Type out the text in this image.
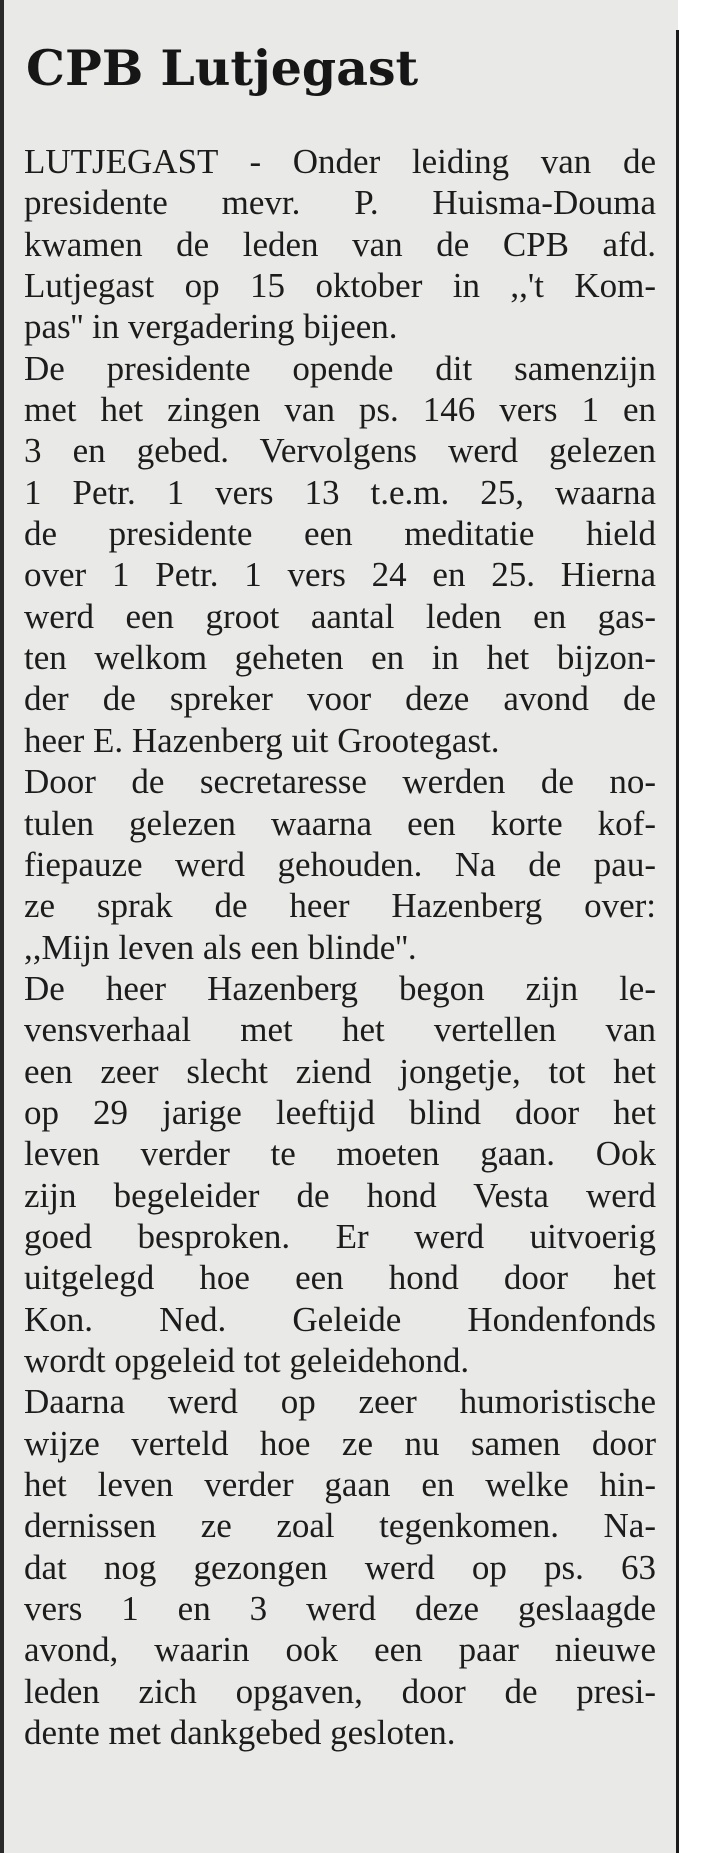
CPB Lutjegast
LUTJEGAST - Onder leiding van de
presidente mevr. P. Huisma-Douma
kwamen de leden van de CPB afd.
Lutjegast op 15 oktober in ,,'t Kom-
pas'' in vergadering bijeen.
De presidente opende dit samenzijn
met het zingen van ps. 146 vers 1 en
3 en gebed. Vervolgens werd gelezen
1 Petr. 1 vers 13 t.e.m. 25, waarna
de presidente een meditatie hield
over 1 Petr. 1 vers 24 en 25. Hierna
werd een groot aantal leden en gas-
ten welkom geheten en in het bijzon-
der de spreker voor deze avond de
heer E. Hazenberg uit Grootegast.
Door de secretaresse werden de no-
tulen gelezen waarna een korte kof-
fiepauze werd gehouden. Na de pau-
ze sprak de heer Hazenberg over:
,,Mijn leven als een blinde''.
De heer Hazenberg begon zijn le-
vensverhaal met het vertellen van
een zeer slecht ziend jongetje, tot het
op 29 jarige leeftijd blind door het
leven verder te moeten gaan. Ook
zijn begeleider de hond Vesta werd
goed besproken. Er werd uitvoerig
uitgelegd hoe een hond door het
Kon. Ned. Geleide Hondenfonds
wordt opgeleid tot geleidehond.
Daarna werd op zeer humoristische
wijze verteld hoe ze nu samen door
het leven verder gaan en welke hin-
dernissen ze zoal tegenkomen. Na-
dat nog gezongen werd op ps. 63
vers 1 en 3 werd deze geslaagde
avond, waarin ook een paar nieuwe
leden zich opgaven, door de presi-
dente met dankgebed gesloten.
